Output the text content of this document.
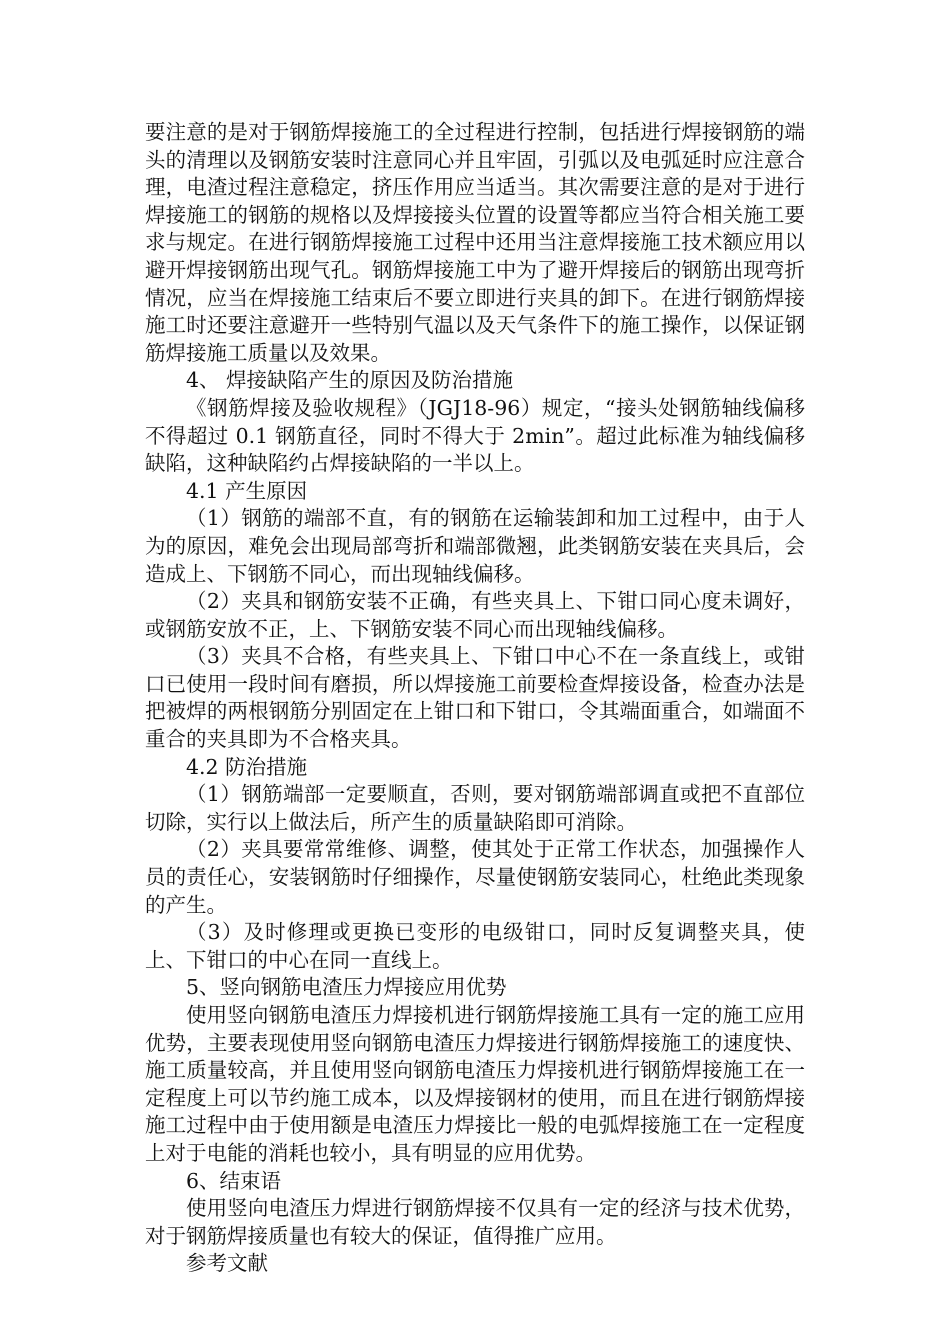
要注意的是对于钢筋焊接施工的全过程进行控制，包括进行焊接钢筋的端头的清理以及钢筋安装时注意同心并且牢固，引弧以及电弧延时应注意合理，电渣过程注意稳定，挤压作用应当适当。其次需要注意的是对于进行焊接施工的钢筋的规格以及焊接接头位置的设置等都应当符合相关施工要求与规定。在进行钢筋焊接施工过程中还用当注意焊接施工技术额应用以避开焊接钢筋出现气孔。钢筋焊接施工中为了避开焊接后的钢筋出现弯折情况，应当在焊接施工结束后不要立即进行夹具的卸下。在进行钢筋焊接施工时还要注意避开一些特别气温以及天气条件下的施工操作，以保证钢筋焊接施工质量以及效果。

4、 焊接缺陷产生的原因及防治措施

《钢筋焊接及验收规程》（JGJ18-96）规定，“接头处钢筋轴线偏移不得超过 0.1 钢筋直径，同时不得大于 2min”。超过此标准为轴线偏移缺陷，这种缺陷约占焊接缺陷的一半以上。

4.1 产生原因

（1）钢筋的端部不直，有的钢筋在运输装卸和加工过程中，由于人为的原因，难免会出现局部弯折和端部微翘，此类钢筋安装在夹具后，会造成上、下钢筋不同心，而出现轴线偏移。

（2）夹具和钢筋安装不正确，有些夹具上、下钳口同心度未调好，或钢筋安放不正，上、下钢筋安装不同心而出现轴线偏移。

（3）夹具不合格，有些夹具上、下钳口中心不在一条直线上，或钳口已使用一段时间有磨损，所以焊接施工前要检查焊接设备，检查办法是把被焊的两根钢筋分别固定在上钳口和下钳口，令其端面重合，如端面不重合的夹具即为不合格夹具。

4.2 防治措施

（1）钢筋端部一定要顺直，否则，要对钢筋端部调直或把不直部位切除，实行以上做法后，所产生的质量缺陷即可消除。

（2）夹具要常常维修、调整，使其处于正常工作状态，加强操作人员的责任心，安装钢筋时仔细操作，尽量使钢筋安装同心，杜绝此类现象的产生。

（3）及时修理或更换已变形的电级钳口，同时反复调整夹具，使上、下钳口的中心在同一直线上。

5、竖向钢筋电渣压力焊接应用优势

使用竖向钢筋电渣压力焊接机进行钢筋焊接施工具有一定的施工应用优势，主要表现使用竖向钢筋电渣压力焊接进行钢筋焊接施工的速度快、施工质量较高，并且使用竖向钢筋电渣压力焊接机进行钢筋焊接施工在一定程度上可以节约施工成本，以及焊接钢材的使用，而且在进行钢筋焊接施工过程中由于使用额是电渣压力焊接比一般的电弧焊接施工在一定程度上对于电能的消耗也较小，具有明显的应用优势。

6、结束语

使用竖向电渣压力焊进行钢筋焊接不仅具有一定的经济与技术优势，对于钢筋焊接质量也有较大的保证，值得推广应用。

参考文献
